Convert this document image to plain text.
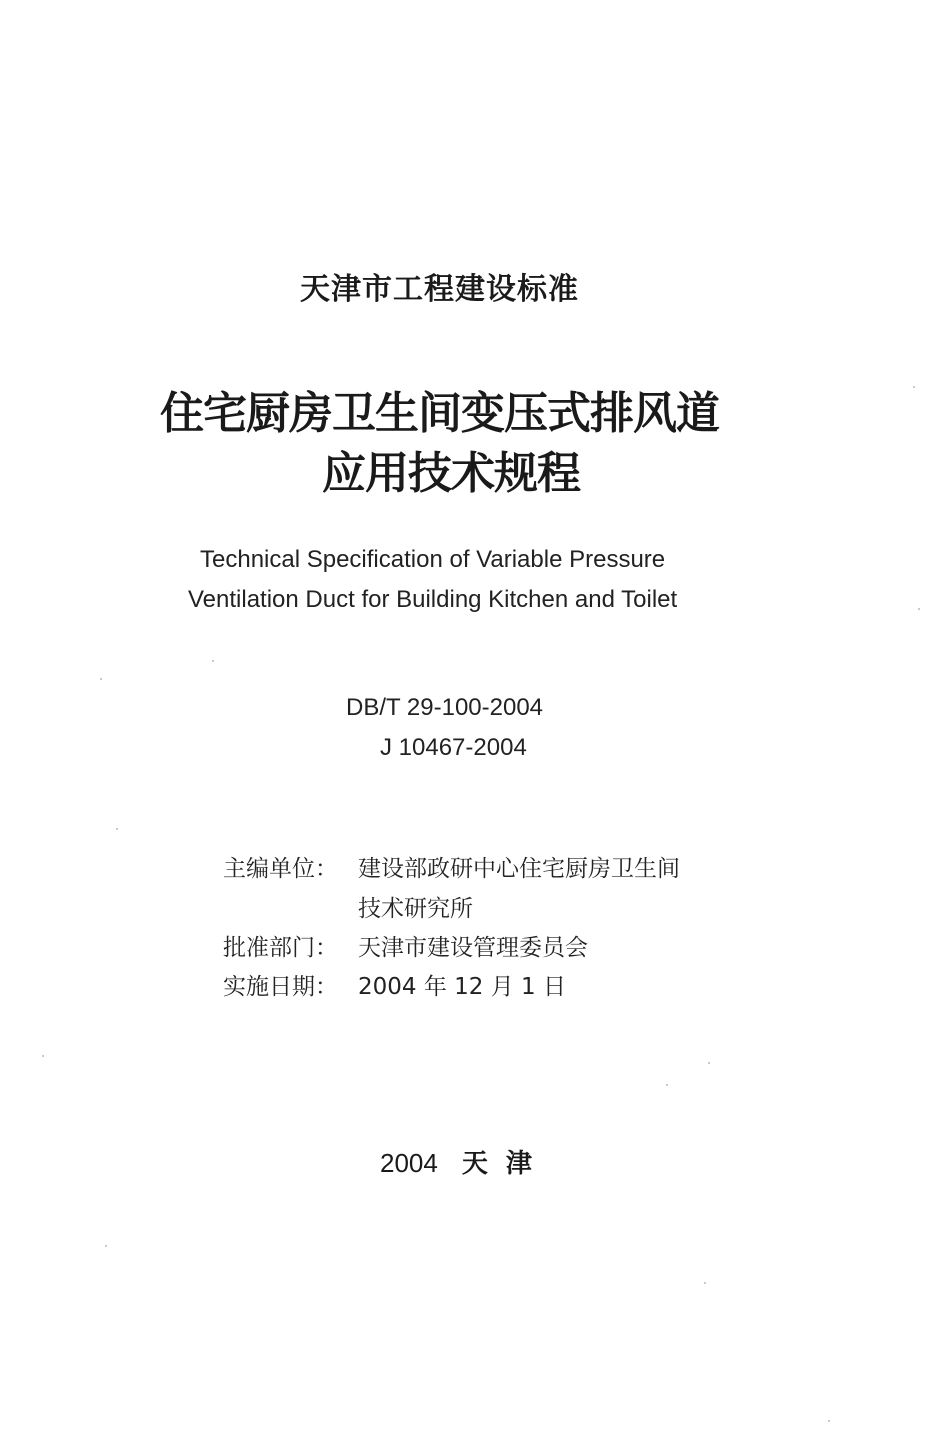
天津市工程建设标准
住宅厨房卫生间变压式排风道
应用技术规程
Technical Specification of Variable Pressure
Ventilation Duct for Building Kitchen and Toilet
DB/T 29-100-2004
J 10467-2004
主编单位： 建设部政研中心住宅厨房卫生间
技术研究所
批准部门： 天津市建设管理委员会
实施日期： 2004 年 12 月 1 日
2004 天津
